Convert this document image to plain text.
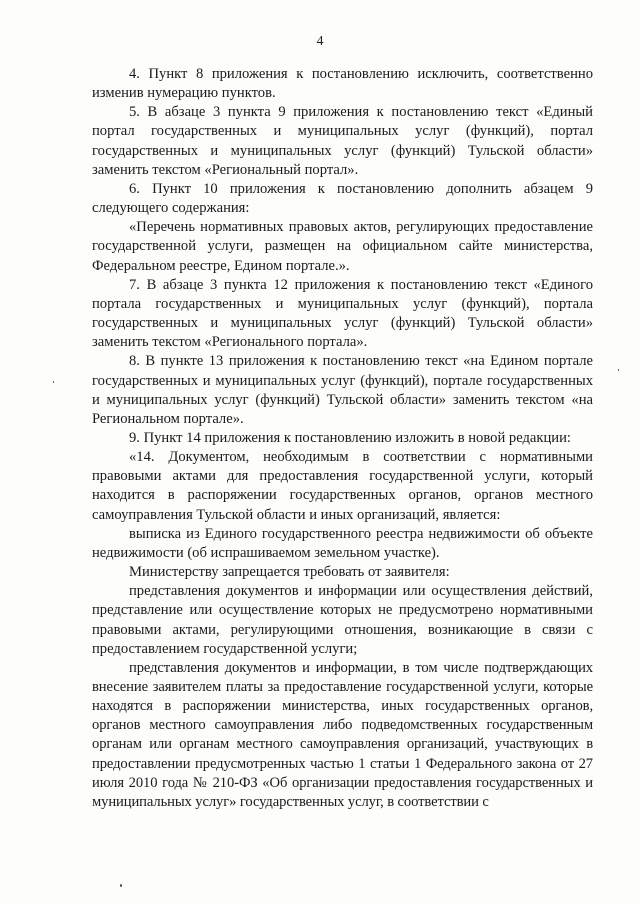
4

4. Пункт 8 приложения к постановлению исключить, соответственно изменив нумерацию пунктов.

5. В абзаце 3 пункта 9 приложения к постановлению текст «Единый портал государственных и муниципальных услуг (функций), портал государственных и муниципальных услуг (функций) Тульской области» заменить текстом «Региональный портал».

6. Пункт 10 приложения к постановлению дополнить абзацем 9 следующего содержания:

«Перечень нормативных правовых актов, регулирующих предоставление государственной услуги, размещен на официальном сайте министерства, Федеральном реестре, Едином портале.».

7. В абзаце 3 пункта 12 приложения к постановлению текст «Единого портала государственных и муниципальных услуг (функций), портала государственных и муниципальных услуг (функций) Тульской области» заменить текстом «Регионального портала».

8. В пункте 13 приложения к постановлению текст «на Едином портале государственных и муниципальных услуг (функций), портале государственных и муниципальных услуг (функций) Тульской области» заменить текстом «на Региональном портале».

9. Пункт 14 приложения к постановлению изложить в новой редакции:

«14. Документом, необходимым в соответствии с нормативными правовыми актами для предоставления государственной услуги, который находится в распоряжении государственных органов, органов местного самоуправления Тульской области и иных организаций, является:

выписка из Единого государственного реестра недвижимости об объекте недвижимости (об испрашиваемом земельном участке).

Министерству запрещается требовать от заявителя:

представления документов и информации или осуществления действий, представление или осуществление которых не предусмотрено нормативными правовыми актами, регулирующими отношения, возникающие в связи с предоставлением государственной услуги;

представления документов и информации, в том числе подтверждающих внесение заявителем платы за предоставление государственной услуги, которые находятся в распоряжении министерства, иных государственных органов, органов местного самоуправления либо подведомственных государственным органам или органам местного самоуправления организаций, участвующих в предоставлении предусмотренных частью 1 статьи 1 Федерального закона от 27 июля 2010 года № 210-ФЗ «Об организации предоставления государственных и муниципальных услуг» государственных услуг, в соответствии с
